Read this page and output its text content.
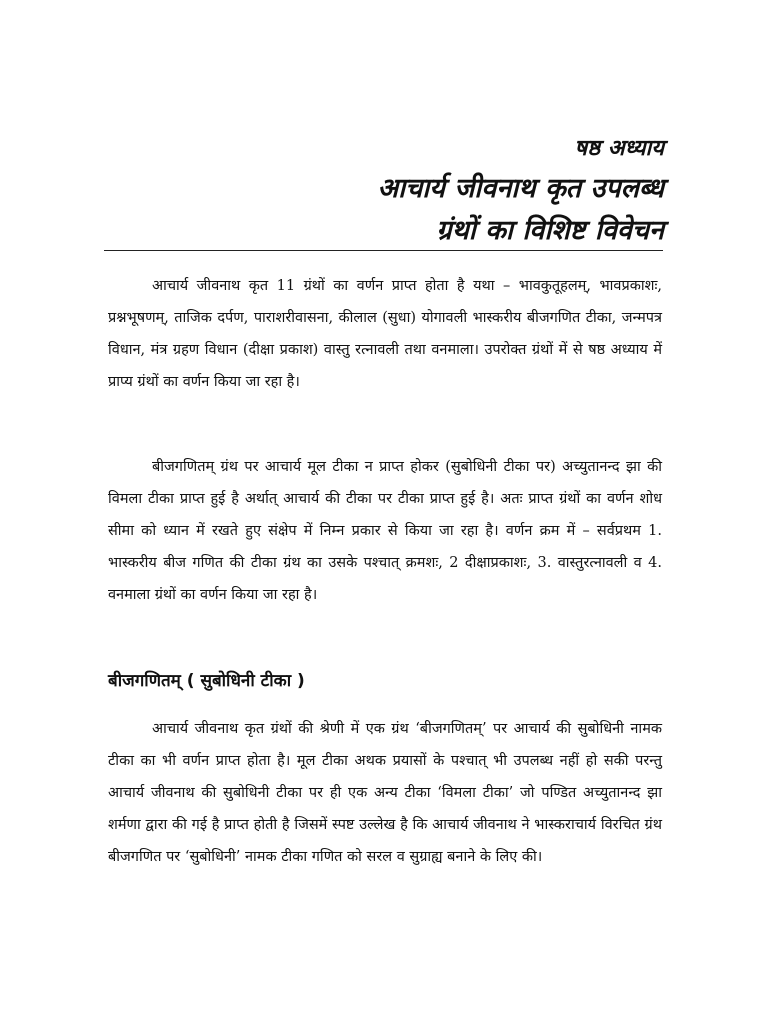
षष्ठ अध्याय
आचार्य जीवनाथ कृत उपलब्ध
ग्रंथों का विशिष्ट विवेचन

आचार्य जीवनाथ कृत 11 ग्रंथों का वर्णन प्राप्त होता है यथा – भावकुतूहलम्, भावप्रकाशः, प्रश्नभूषणम्, ताजिक दर्पण, पाराशरीवासना, कीलाल (सुधा) योगावली भास्करीय बीजगणित टीका, जन्मपत्र विधान, मंत्र ग्रहण विधान (दीक्षा प्रकाश) वास्तु रत्नावली तथा वनमाला। उपरोक्त ग्रंथों में से षष्ठ अध्याय में प्राप्य ग्रंथों का वर्णन किया जा रहा है।

बीजगणितम् ग्रंथ पर आचार्य मूल टीका न प्राप्त होकर (सुबोधिनी टीका पर) अच्युतानन्द झा की विमला टीका प्राप्त हुई है अर्थात् आचार्य की टीका पर टीका प्राप्त हुई है। अतः प्राप्त ग्रंथों का वर्णन शोध सीमा को ध्यान में रखते हुए संक्षेप में निम्न प्रकार से किया जा रहा है। वर्णन क्रम में – सर्वप्रथम 1. भास्करीय बीज गणित की टीका ग्रंथ का उसके पश्चात् क्रमशः, 2 दीक्षाप्रकाशः, 3. वास्तुरत्नावली व 4. वनमाला ग्रंथों का वर्णन किया जा रहा है।

बीजगणितम् ( सुबोधिनी टीका )

आचार्य जीवनाथ कृत ग्रंथों की श्रेणी में एक ग्रंथ ‘बीजगणितम्’ पर आचार्य की सुबोधिनी नामक टीका का भी वर्णन प्राप्त होता है। मूल टीका अथक प्रयासों के पश्चात् भी उपलब्ध नहीं हो सकी परन्तु आचार्य जीवनाथ की सुबोधिनी टीका पर ही एक अन्य टीका ‘विमला टीका’ जो पण्डित अच्युतानन्द झा शर्मणा द्वारा की गई है प्राप्त होती है जिसमें स्पष्ट उल्लेख है कि आचार्य जीवनाथ ने भास्कराचार्य विरचित ग्रंथ बीजगणित पर ‘सुबोधिनी’ नामक टीका गणित को सरल व सुग्राह्य बनाने के लिए की।
